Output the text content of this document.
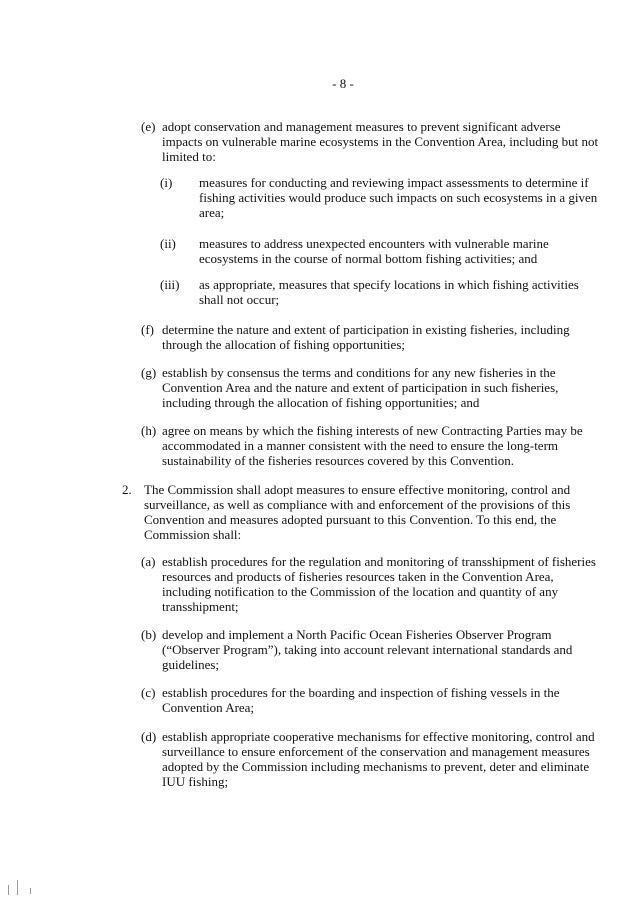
- 8 -
(e) adopt conservation and management measures to prevent significant adverse impacts on vulnerable marine ecosystems in the Convention Area, including but not limited to:
(i)	measures for conducting and reviewing impact assessments to determine if fishing activities would produce such impacts on such ecosystems in a given area;
(ii)	measures to address unexpected encounters with vulnerable marine ecosystems in the course of normal bottom fishing activities; and
(iii)	as appropriate, measures that specify locations in which fishing activities shall not occur;
(f) determine the nature and extent of participation in existing fisheries, including through the allocation of fishing opportunities;
(g) establish by consensus the terms and conditions for any new fisheries in the Convention Area and the nature and extent of participation in such fisheries, including through the allocation of fishing opportunities; and
(h) agree on means by which the fishing interests of new Contracting Parties may be accommodated in a manner consistent with the need to ensure the long-term sustainability of the fisheries resources covered by this Convention.
2. The Commission shall adopt measures to ensure effective monitoring, control and surveillance, as well as compliance with and enforcement of the provisions of this Convention and measures adopted pursuant to this Convention. To this end, the Commission shall:
(a) establish procedures for the regulation and monitoring of transshipment of fisheries resources and products of fisheries resources taken in the Convention Area, including notification to the Commission of the location and quantity of any transshipment;
(b) develop and implement a North Pacific Ocean Fisheries Observer Program (“Observer Program”), taking into account relevant international standards and guidelines;
(c) establish procedures for the boarding and inspection of fishing vessels in the Convention Area;
(d) establish appropriate cooperative mechanisms for effective monitoring, control and surveillance to ensure enforcement of the conservation and management measures adopted by the Commission including mechanisms to prevent, deter and eliminate IUU fishing;
